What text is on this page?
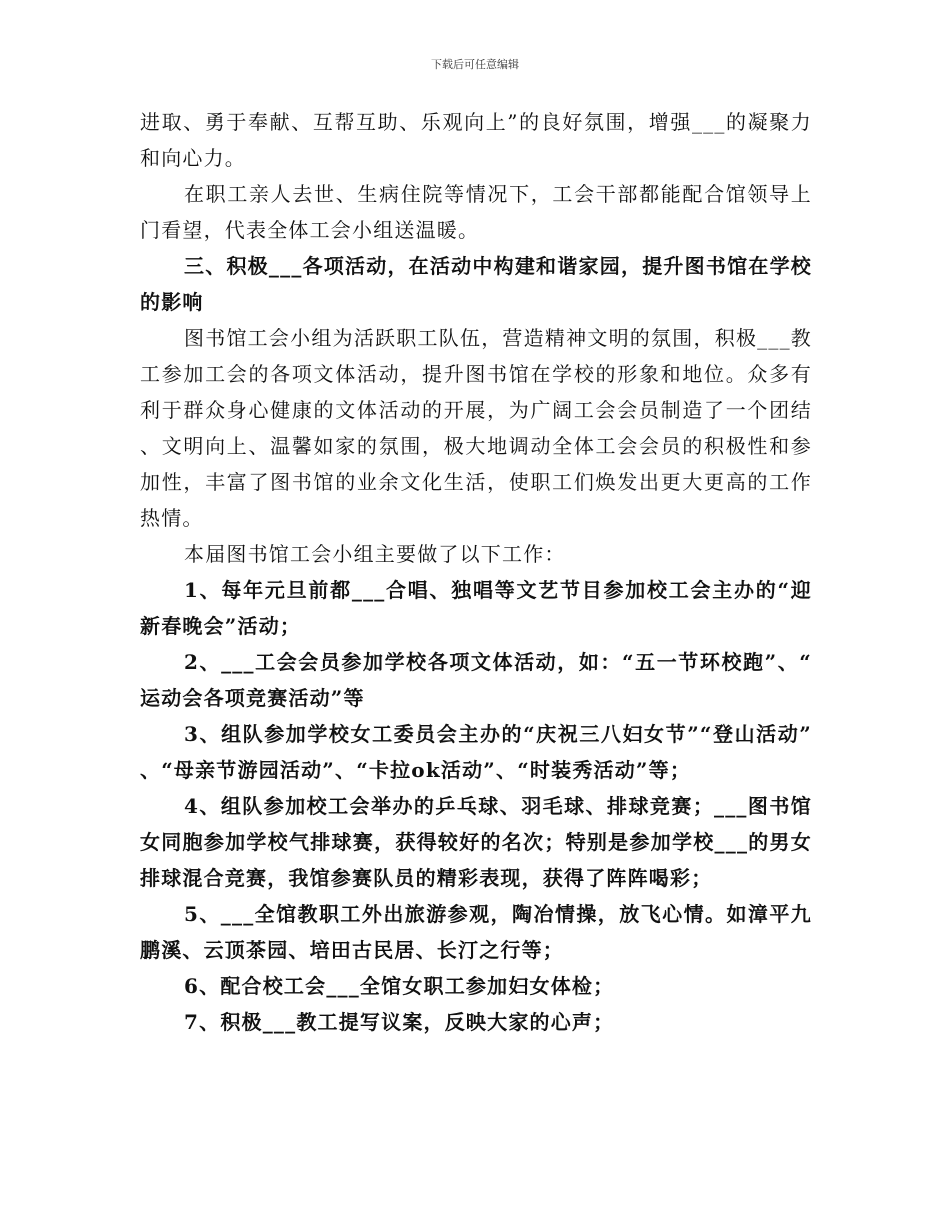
下载后可任意编辑

进取、勇于奉献、互帮互助、乐观向上”的良好氛围，增强___的凝聚力和向心力。

在职工亲人去世、生病住院等情况下，工会干部都能配合馆领导上门看望，代表全体工会小组送温暖。

三、积极___各项活动，在活动中构建和谐家园，提升图书馆在学校的影响

图书馆工会小组为活跃职工队伍，营造精神文明的氛围，积极___教工参加工会的各项文体活动，提升图书馆在学校的形象和地位。众多有利于群众身心健康的文体活动的开展，为广阔工会会员制造了一个团结、文明向上、温馨如家的氛围，极大地调动全体工会会员的积极性和参加性，丰富了图书馆的业余文化生活，使职工们焕发出更大更高的工作热情。

本届图书馆工会小组主要做了以下工作：

1、每年元旦前都___合唱、独唱等文艺节目参加校工会主办的“迎新春晚会”活动；

2、___工会会员参加学校各项文体活动，如：“五一节环校跑”、“运动会各项竞赛活动”等

3、组队参加学校女工委员会主办的“庆祝三八妇女节”“登山活动”、“母亲节游园活动”、“卡拉ok活动”、“时装秀活动”等；

4、组队参加校工会举办的乒乓球、羽毛球、排球竞赛；___图书馆女同胞参加学校气排球赛，获得较好的名次；特别是参加学校___的男女排球混合竞赛，我馆参赛队员的精彩表现，获得了阵阵喝彩；

5、___全馆教职工外出旅游参观，陶冶情操，放飞心情。如漳平九鹏溪、云顶茶园、培田古民居、长汀之行等；

6、配合校工会___全馆女职工参加妇女体检；

7、积极___教工提写议案，反映大家的心声；
